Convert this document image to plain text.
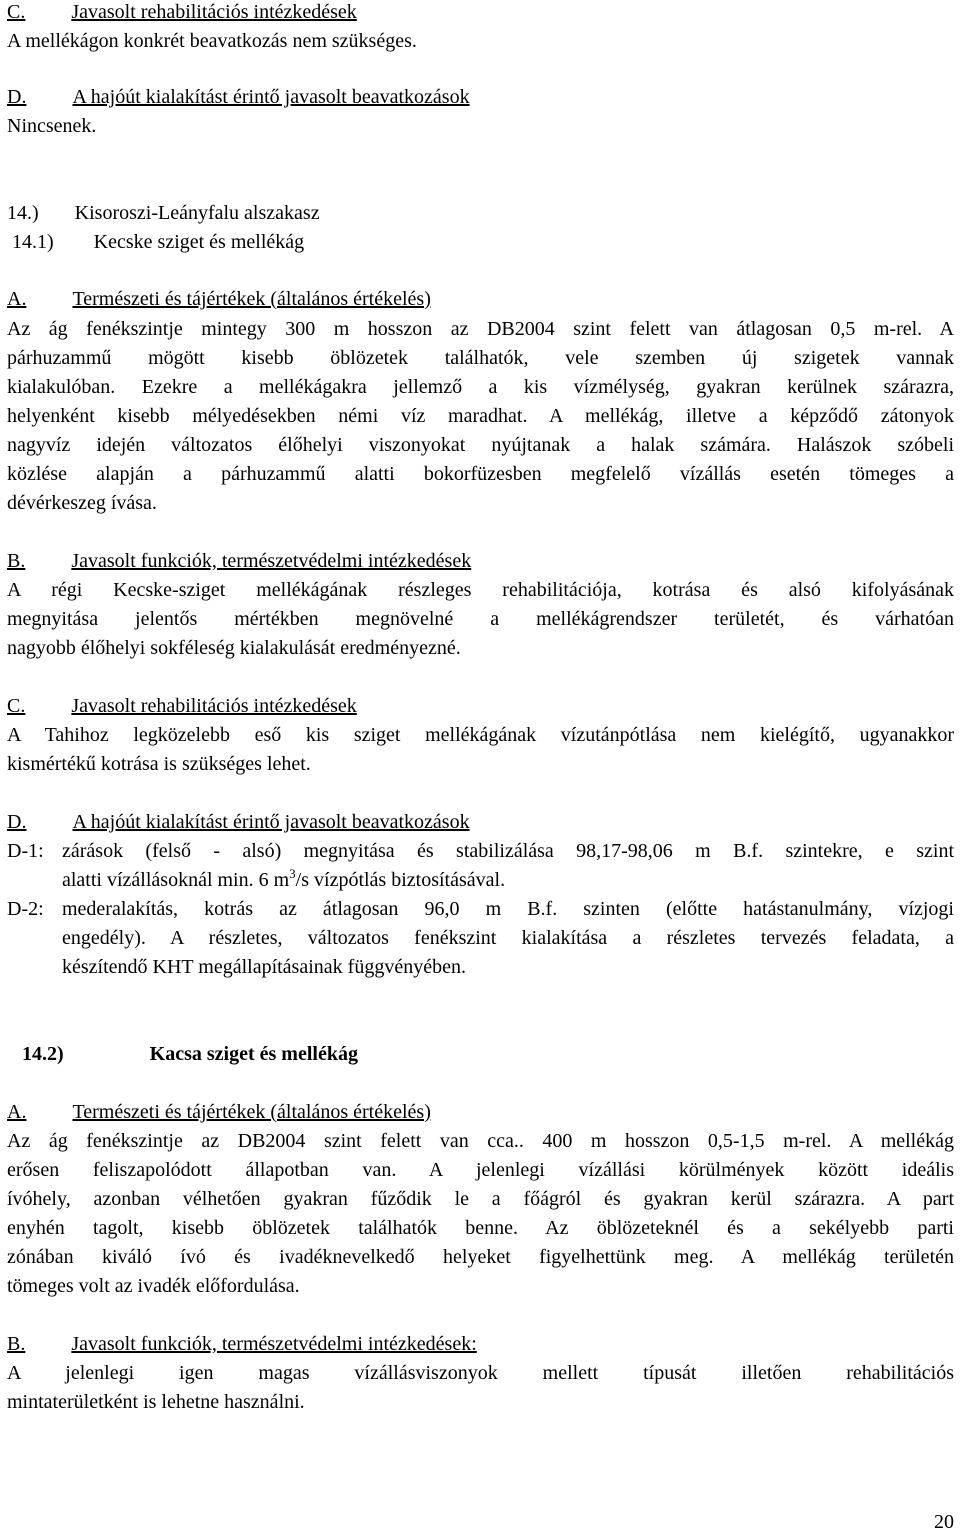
C. Javasolt rehabilitációs intézkedések
A mellékágon konkrét beavatkozás nem szükséges.
D. A hajóút kialakítást érintő javasolt beavatkozások
Nincsenek.
14.) Kisoroszi-Leányfalu alszakasz
14.1) Kecske sziget és mellékág
A. Természeti és tájértékek (általános értékelés)
Az ág fenékszintje mintegy 300 m hosszon az DB2004 szint felett van átlagosan 0,5 m-rel. A
párhuzammű mögött kisebb öblözetek találhatók, vele szemben új szigetek vannak
kialakulóban. Ezekre a mellékágakra jellemző a kis vízmélység, gyakran kerülnek szárazra,
helyenként kisebb mélyedésekben némi víz maradhat. A mellékág, illetve a képződő zátonyok
nagyvíz idején változatos élőhelyi viszonyokat nyújtanak a halak számára. Halászok szóbeli
közlése alapján a párhuzammű alatti bokorfüzesben megfelelő vízállás esetén tömeges a
dévérkeszeg ívása.
B. Javasolt funkciók, természetvédelmi intézkedések
A régi Kecske-sziget mellékágának részleges rehabilitációja, kotrása és alsó kifolyásának
megnyitása jelentős mértékben megnövelné a mellékágrendszer területét, és várhatóan
nagyobb élőhelyi sokféleség kialakulását eredményezné.
C. Javasolt rehabilitációs intézkedések
A Tahihoz legközelebb eső kis sziget mellékágának vízutánpótlása nem kielégítő, ugyanakkor
kismértékű kotrása is szükséges lehet.
D. A hajóút kialakítást érintő javasolt beavatkozások
D-1: zárások (felső - alsó) megnyitása és stabilizálása 98,17-98,06 m B.f. szintekre, e szint
alatti vízállásoknál min. 6 $m^3/s$ vízpótlás biztosításával.
D-2: mederalakítás, kotrás az átlagosan 96,0 m B.f. szinten (előtte hatástanulmány, vízjogi
engedély). A részletes, változatos fenékszint kialakítása a részletes tervezés feladata, a
készítendő KHT megállapításainak függvényében.
14.2)	Kacsa sziget és mellékág
A. Természeti és tájértékek (általános értékelés)
Az ág fenékszintje az DB2004 szint felett van cca.. 400 m hosszon 0,5-1,5 m-rel. A mellékág
erősen feliszapolódott állapotban van. A jelenlegi vízállási körülmények között ideális
ívóhely, azonban vélhetően gyakran fűződik le a főágról és gyakran kerül szárazra. A part
enyhén tagolt, kisebb öblözetek találhatók benne. Az öblözeteknél és a sekélyebb parti
zónában kiváló ívó és ivadéknevelkedő helyeket figyelhettünk meg. A mellékág területén
tömeges volt az ivadék előfordulása.
B. Javasolt funkciók, természetvédelmi intézkedések:
A jelenlegi igen magas vízállásviszonyok mellett típusát illetően rehabilitációs
mintaterületként is lehetne használni.
20
